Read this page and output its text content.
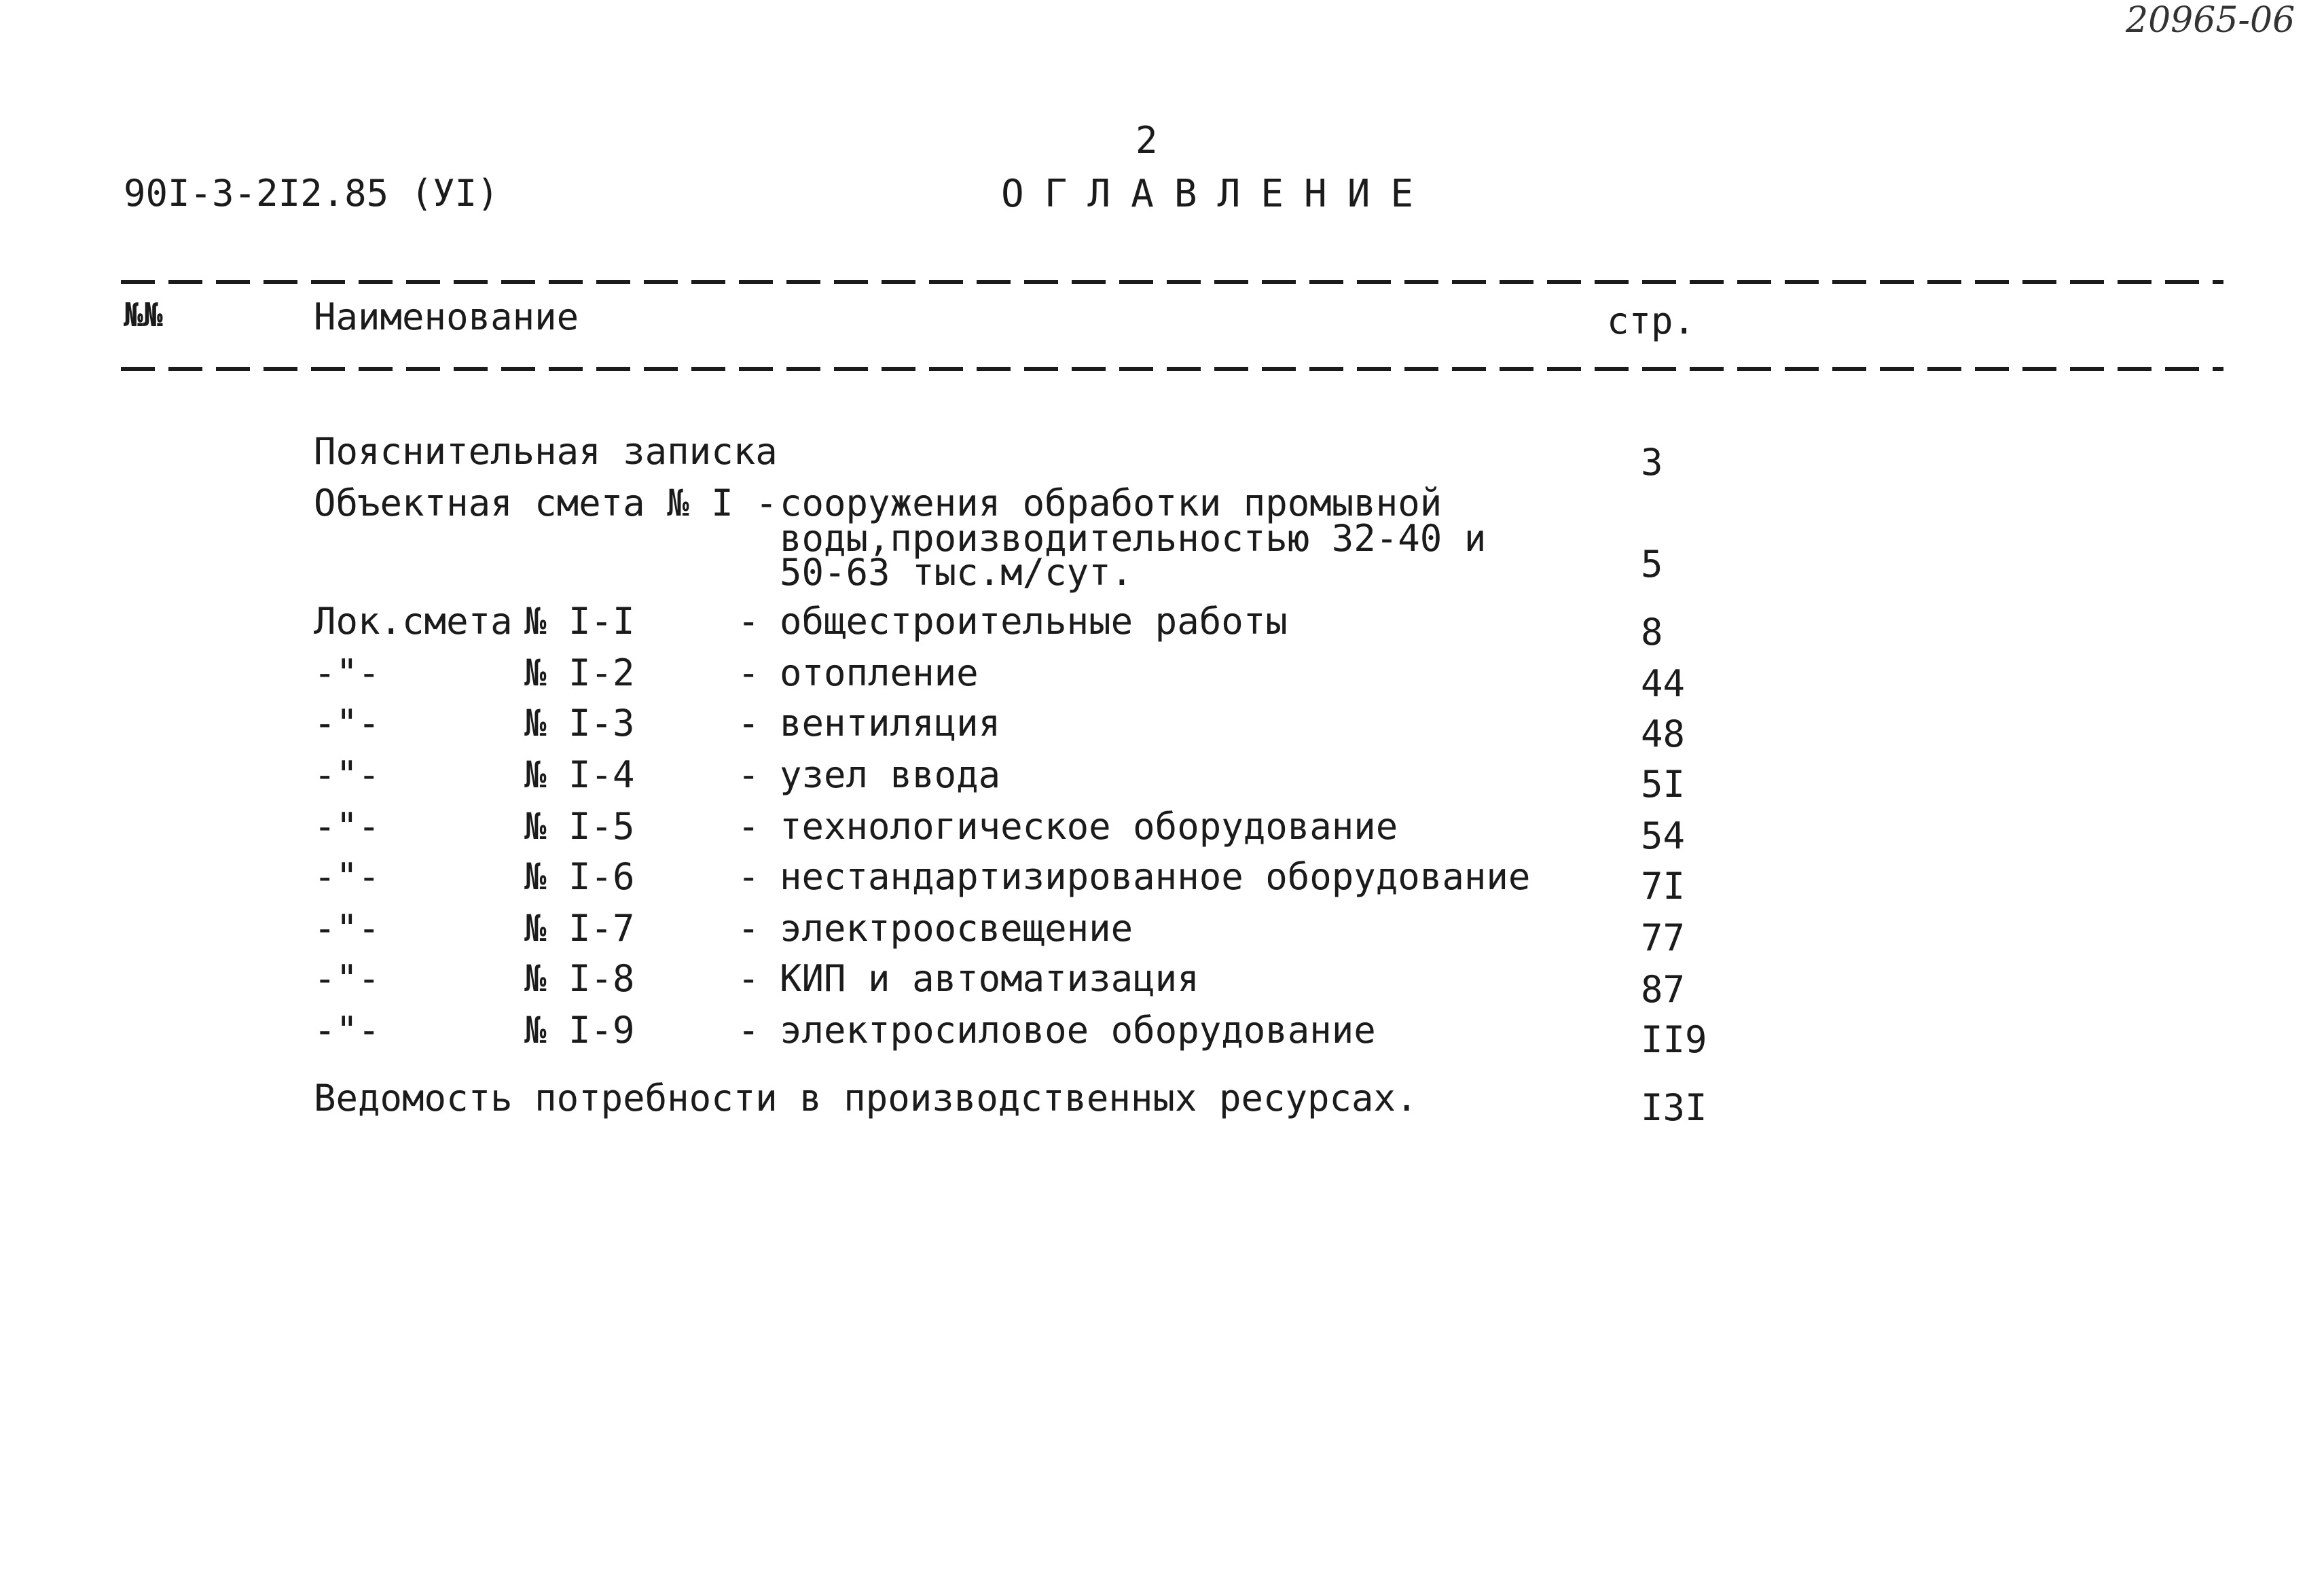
20965-06
2
90I-3-2I2.85 (УI)	ОГЛАВЛЕНИЕ
№№	Наименование	стр.
Пояснительная записка	3
Объектная смета № I - сооружения обработки промывной
воды,производительностью 32-40 и
50-63 тыс.м/сут.	5
Лок.смета № I-I	- общестроительные работы	8
-"-	№ I-2	- отопление	44
-"-	№ I-3	- вентиляция	48
-"-	№ I-4	- узел ввода	5I
-"-	№ I-5	- технологическое оборудование	54
-"-	№ I-6	- нестандартизированное оборудование	7I
-"-	№ I-7	- электроосвещение	77
-"-	№ I-8	- КИП и автоматизация	87
-"-	№ I-9	- электросиловое оборудование	II9
Ведомость потребности в производственных ресурсах.	I3I
